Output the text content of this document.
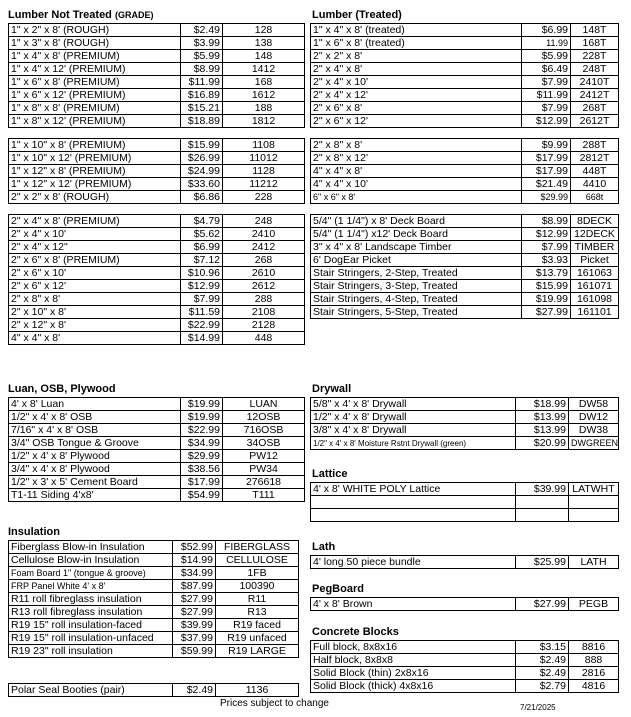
Lumber Not Treated (GRADE)	Lumber (Treated)
Luan, OSB, Plywood	Drywall
Lattice
Insulation
Lath
PegBoard
Concrete Blocks
1" x 2" x 8' (ROUGH)	$2.49	128
1" x 3" x 8' (ROUGH)	$3.99	138
1" x 4" x 8' (PREMIUM)	$5.99	148
1" x 4" x 12' (PREMIUM)	$8.99	1412
1" x 6" x 8' (PREMIUM)	$11.99	168
1" x 6" x 12' (PREMIUM)	$16.89	1612
1" x 8" x 8' (PREMIUM)	$15.21	188
1" x 8" x 12' (PREMIUM)	$18.89	1812

1" x 10" x 8' (PREMIUM)	$15.99	1108
1" x 10" x 12' (PREMIUM)	$26.99	11012
1" x 12" x 8' (PREMIUM)	$24.99	1128
1" x 12" x 12' (PREMIUM)	$33.60	11212
2" x 2" x 8' (ROUGH)	$6.86	228

2" x 4" x 8' (PREMIUM)	$4.79	248
2" x 4" x 10'	$5.62	2410
2" x 4" x 12"	$6.99	2412
2" x 6" x 8' (PREMIUM)	$7.12	268
2" x 6" x 10'	$10.96	2610
2" x 6" x 12'	$12.99	2612
2" x 8" x 8'	$7.99	288
2" x 10" x 8'	$11.59	2108
2" x 12" x 8'	$22.99	2128
4" x 4" x 8'	$14.99	448
1" x 4" x 8' (treated)	$6.99	148T
1" x 6" x 8' (treated)	11.99	168T
2" x 2" x 8'	$5.99	228T
2" x 4" x 8'	$6.49	248T
2" x 4" x 10'	$7.99	2410T
2" x 4" x 12'	$11.99	2412T
2" x 6" x 8'	$7.99	268T
2" x 6" x 12'	$12.99	2612T

2" x 8" x 8'	$9.99	288T
2" x 8" x 12'	$17.99	2812T
4" x 4" x 8'	$17.99	448T
4" x 4" x 10'	$21.49	4410
6" x 6" x 8'	$29.99	668t

5/4" (1 1/4") x 8' Deck Board	$8.99	8DECK
5/4" (1 1/4") x12' Deck Board	$12.99	12DECK
3" x 4" x 8' Landscape Timber	$7.99	TIMBER
6' DogEar Picket	$3.93	Picket
Stair Stringers, 2-Step, Treated	$13.79	161063
Stair Stringers, 3-Step, Treated	$15.99	161071
Stair Stringers, 4-Step, Treated	$19.99	161098
Stair Stringers, 5-Step, Treated	$27.99	161101
4' x 8' Luan	$19.99	LUAN
1/2" x 4' x 8' OSB	$19.99	12OSB
7/16" x 4' x 8' OSB	$22.99	716OSB
3/4" OSB Tongue & Groove	$34.99	34OSB
1/2" x 4' x 8' Plywood	$29.99	PW12
3/4" x 4' x 8' Plywood	$38.56	PW34
1/2" x 3' x 5' Cement Board	$17.99	276618
T1-11 Siding 4'x8'	$54.99	T111
5/8" x 4' x 8' Drywall	$18.99	DW58
1/2" x 4' x 8' Drywall	$13.99	DW12
3/8" x 4' x 8' Drywall	$13.99	DW38
1/2" x 4' x 8' Moisture Rstnt Drywall (green)	$20.99	DWGREEN
4' x 8' WHITE POLY Lattice	$39.99	LATWHT

Fiberglass Blow-in Insulation	$52.99	FIBERGLASS
Cellulose Blow-in Insulation	$14.99	CELLULOSE
Foam Board 1" (tongue & groove)	$34.99	1FB
FRP Panel White 4' x 8'	$87.99	100390
R11 roll fibreglass insulation	$27.99	R11
R13 roll fibreglass insulation	$27.99	R13
R19 15" roll insulation-faced	$39.99	R19 faced
R19 15" roll insulation-unfaced	$37.99	R19 unfaced
R19 23" roll insulation	$59.99	R19 LARGE
Polar Seal Booties (pair)	$2.49	1136
4' long 50 piece bundle	$25.99	LATH
4' x 8' Brown	$27.99	PEGB
Full block, 8x8x16	$3.15	8816
Half block, 8x8x8	$2.49	888
Solid Block (thin) 2x8x16	$2.49	2816
Solid Block (thick) 4x8x16	$2.79	4816
Prices subject to change	7/21/2025
